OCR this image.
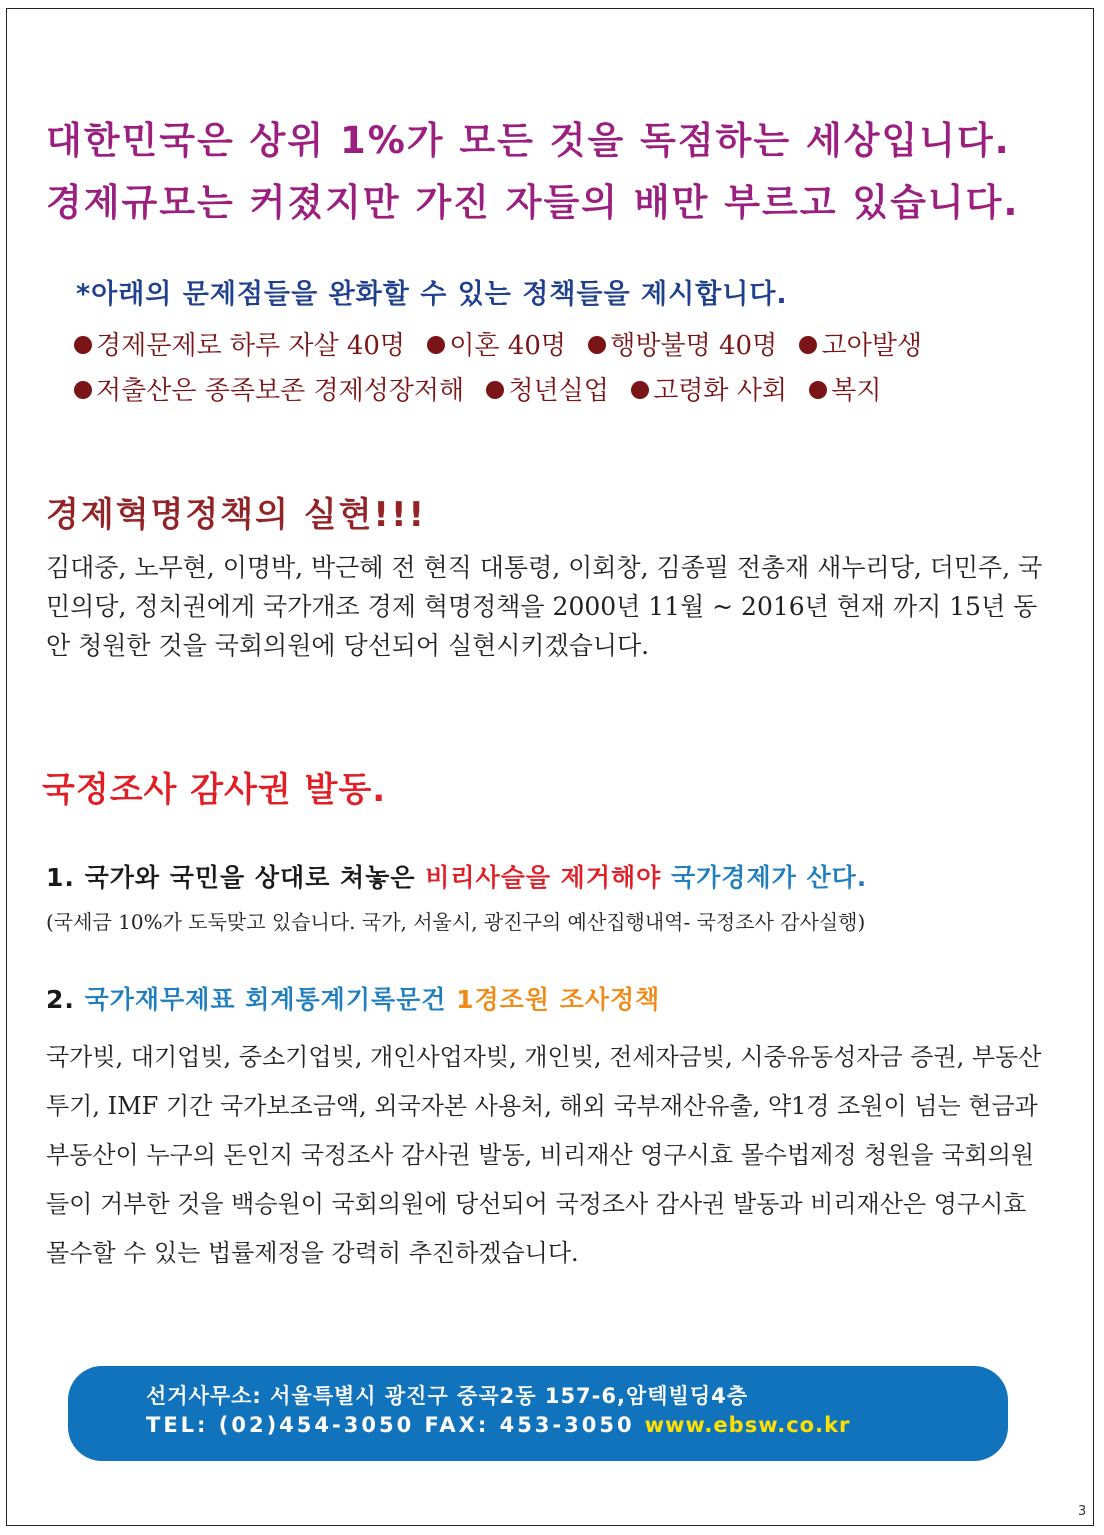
대한민국은 상위 1%가 모든 것을 독점하는 세상입니다.
경제규모는 커졌지만 가진 자들의 배만 부르고 있습니다.
*아래의 문제점들을 완화할 수 있는 정책들을 제시합니다.
경제문제로 하루 자살 40명 이혼 40명 행방불명 40명 고아발생
저출산은 종족보존 경제성장저해 청년실업 고령화 사회 복지
경제혁명정책의 실현!!!
김대중, 노무현, 이명박, 박근혜 전 현직 대통령, 이회창, 김종필 전총재 새누리당, 더민주, 국민의당, 정치권에게 국가개조 경제 혁명정책을 2000년 11월 ~ 2016년 현재 까지 15년 동안 청원한 것을 국회의원에 당선되어 실현시키겠습니다.
국정조사 감사권 발동.
1. 국가와 국민을 상대로 쳐놓은 비리사슬을 제거해야 국가경제가 산다.
(국세금 10%가 도둑맞고 있습니다. 국가, 서울시, 광진구의 예산집행내역- 국정조사 감사실행)
2. 국가재무제표 회계통계기록문건 1경조원 조사정책
국가빚, 대기업빚, 중소기업빚, 개인사업자빚, 개인빚, 전세자금빚, 시중유동성자금 증권, 부동산투기, IMF 기간 국가보조금액, 외국자본 사용처, 해외 국부재산유출, 약1경 조원이 넘는 현금과 부동산이 누구의 돈인지 국정조사 감사권 발동, 비리재산 영구시효 몰수법제정 청원을 국회의원들이 거부한 것을 백승원이 국회의원에 당선되어 국정조사 감사권 발동과 비리재산은 영구시효 몰수할 수 있는 법률제정을 강력히 추진하겠습니다.
선거사무소: 서울특별시 광진구 중곡2동 157-6,암텍빌딩4층
TEL: (02)454-3050 FAX: 453-3050 www.ebsw.co.kr
3
